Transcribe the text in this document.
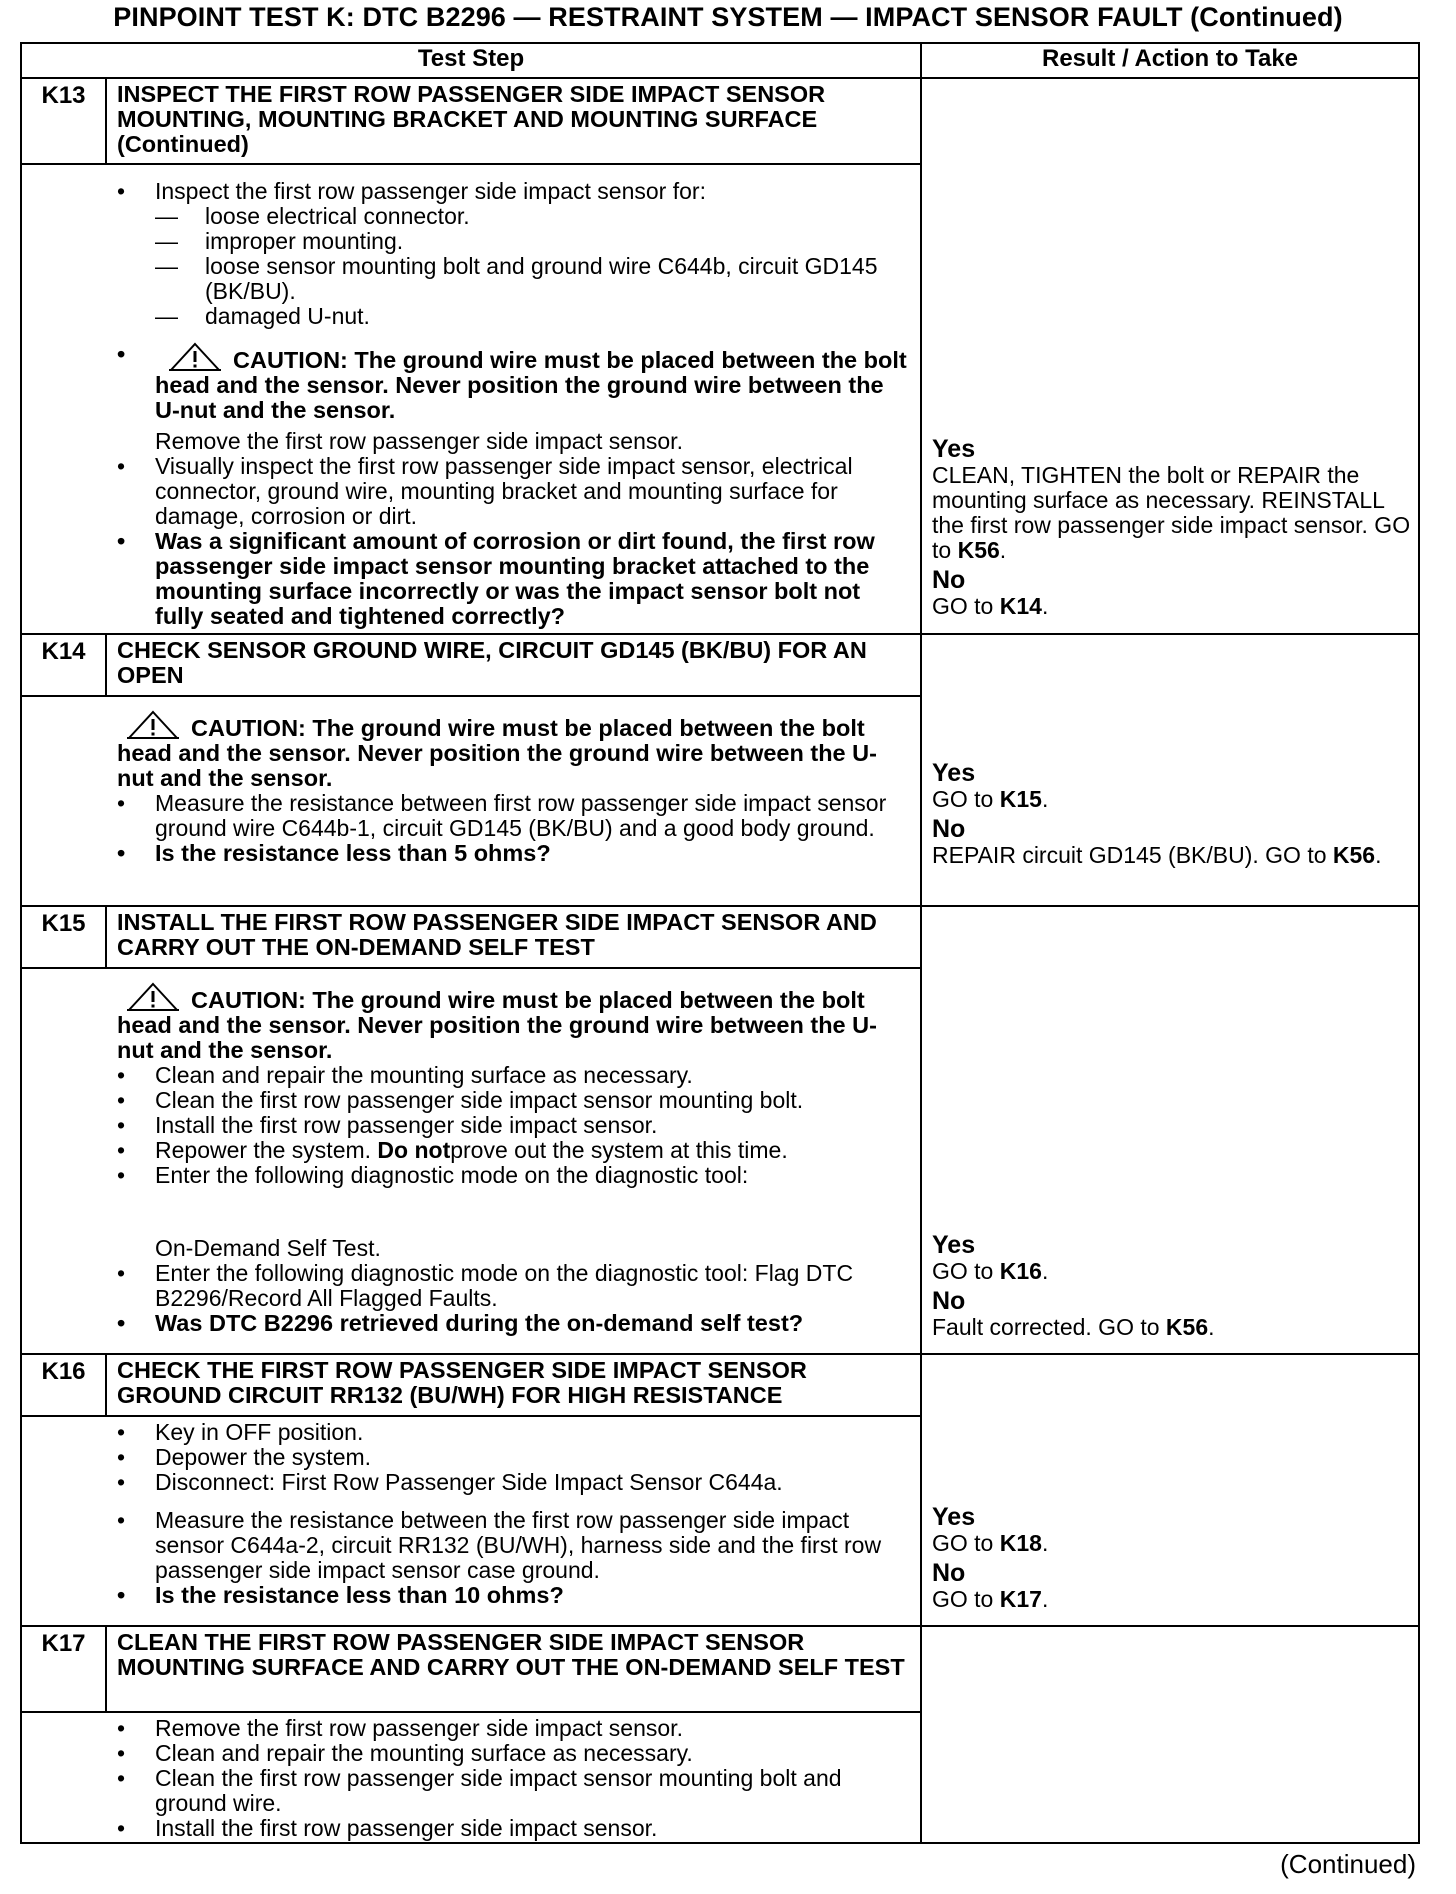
PINPOINT TEST K: DTC B2296 — RESTRAINT SYSTEM — IMPACT SENSOR FAULT (Continued)
Test Step	Result / Action to Take
K13	INSPECT THE FIRST ROW PASSENGER SIDE IMPACT SENSOR MOUNTING, MOUNTING BRACKET AND MOUNTING SURFACE (Continued)
• Inspect the first row passenger side impact sensor for:
— loose electrical connector.
— improper mounting.
— loose sensor mounting bolt and ground wire C644b, circuit GD145 (BK/BU).
— damaged U-nut.
• CAUTION: The ground wire must be placed between the bolt head and the sensor. Never position the ground wire between the U-nut and the sensor.
Remove the first row passenger side impact sensor.
• Visually inspect the first row passenger side impact sensor, electrical connector, ground wire, mounting bracket and mounting surface for damage, corrosion or dirt.
• Was a significant amount of corrosion or dirt found, the first row passenger side impact sensor mounting bracket attached to the mounting surface incorrectly or was the impact sensor bolt not fully seated and tightened correctly?
Yes
CLEAN, TIGHTEN the bolt or REPAIR the mounting surface as necessary. REINSTALL the first row passenger side impact sensor. GO to K56.
No
GO to K14.
K14	CHECK SENSOR GROUND WIRE, CIRCUIT GD145 (BK/BU) FOR AN OPEN
CAUTION: The ground wire must be placed between the bolt head and the sensor. Never position the ground wire between the U-nut and the sensor.
• Measure the resistance between first row passenger side impact sensor ground wire C644b-1, circuit GD145 (BK/BU) and a good body ground.
• Is the resistance less than 5 ohms?
Yes
GO to K15.
No
REPAIR circuit GD145 (BK/BU). GO to K56.
K15	INSTALL THE FIRST ROW PASSENGER SIDE IMPACT SENSOR AND CARRY OUT THE ON-DEMAND SELF TEST
CAUTION: The ground wire must be placed between the bolt head and the sensor. Never position the ground wire between the U-nut and the sensor.
• Clean and repair the mounting surface as necessary.
• Clean the first row passenger side impact sensor mounting bolt.
• Install the first row passenger side impact sensor.
• Repower the system. Do notprove out the system at this time.
• Enter the following diagnostic mode on the diagnostic tool:
On-Demand Self Test.
• Enter the following diagnostic mode on the diagnostic tool: Flag DTC B2296/Record All Flagged Faults.
• Was DTC B2296 retrieved during the on-demand self test?
Yes
GO to K16.
No
Fault corrected. GO to K56.
K16	CHECK THE FIRST ROW PASSENGER SIDE IMPACT SENSOR GROUND CIRCUIT RR132 (BU/WH) FOR HIGH RESISTANCE
• Key in OFF position.
• Depower the system.
• Disconnect: First Row Passenger Side Impact Sensor C644a.
• Measure the resistance between the first row passenger side impact sensor C644a-2, circuit RR132 (BU/WH), harness side and the first row passenger side impact sensor case ground.
• Is the resistance less than 10 ohms?
Yes
GO to K18.
No
GO to K17.
K17	CLEAN THE FIRST ROW PASSENGER SIDE IMPACT SENSOR MOUNTING SURFACE AND CARRY OUT THE ON-DEMAND SELF TEST
• Remove the first row passenger side impact sensor.
• Clean and repair the mounting surface as necessary.
• Clean the first row passenger side impact sensor mounting bolt and ground wire.
• Install the first row passenger side impact sensor.
(Continued)
